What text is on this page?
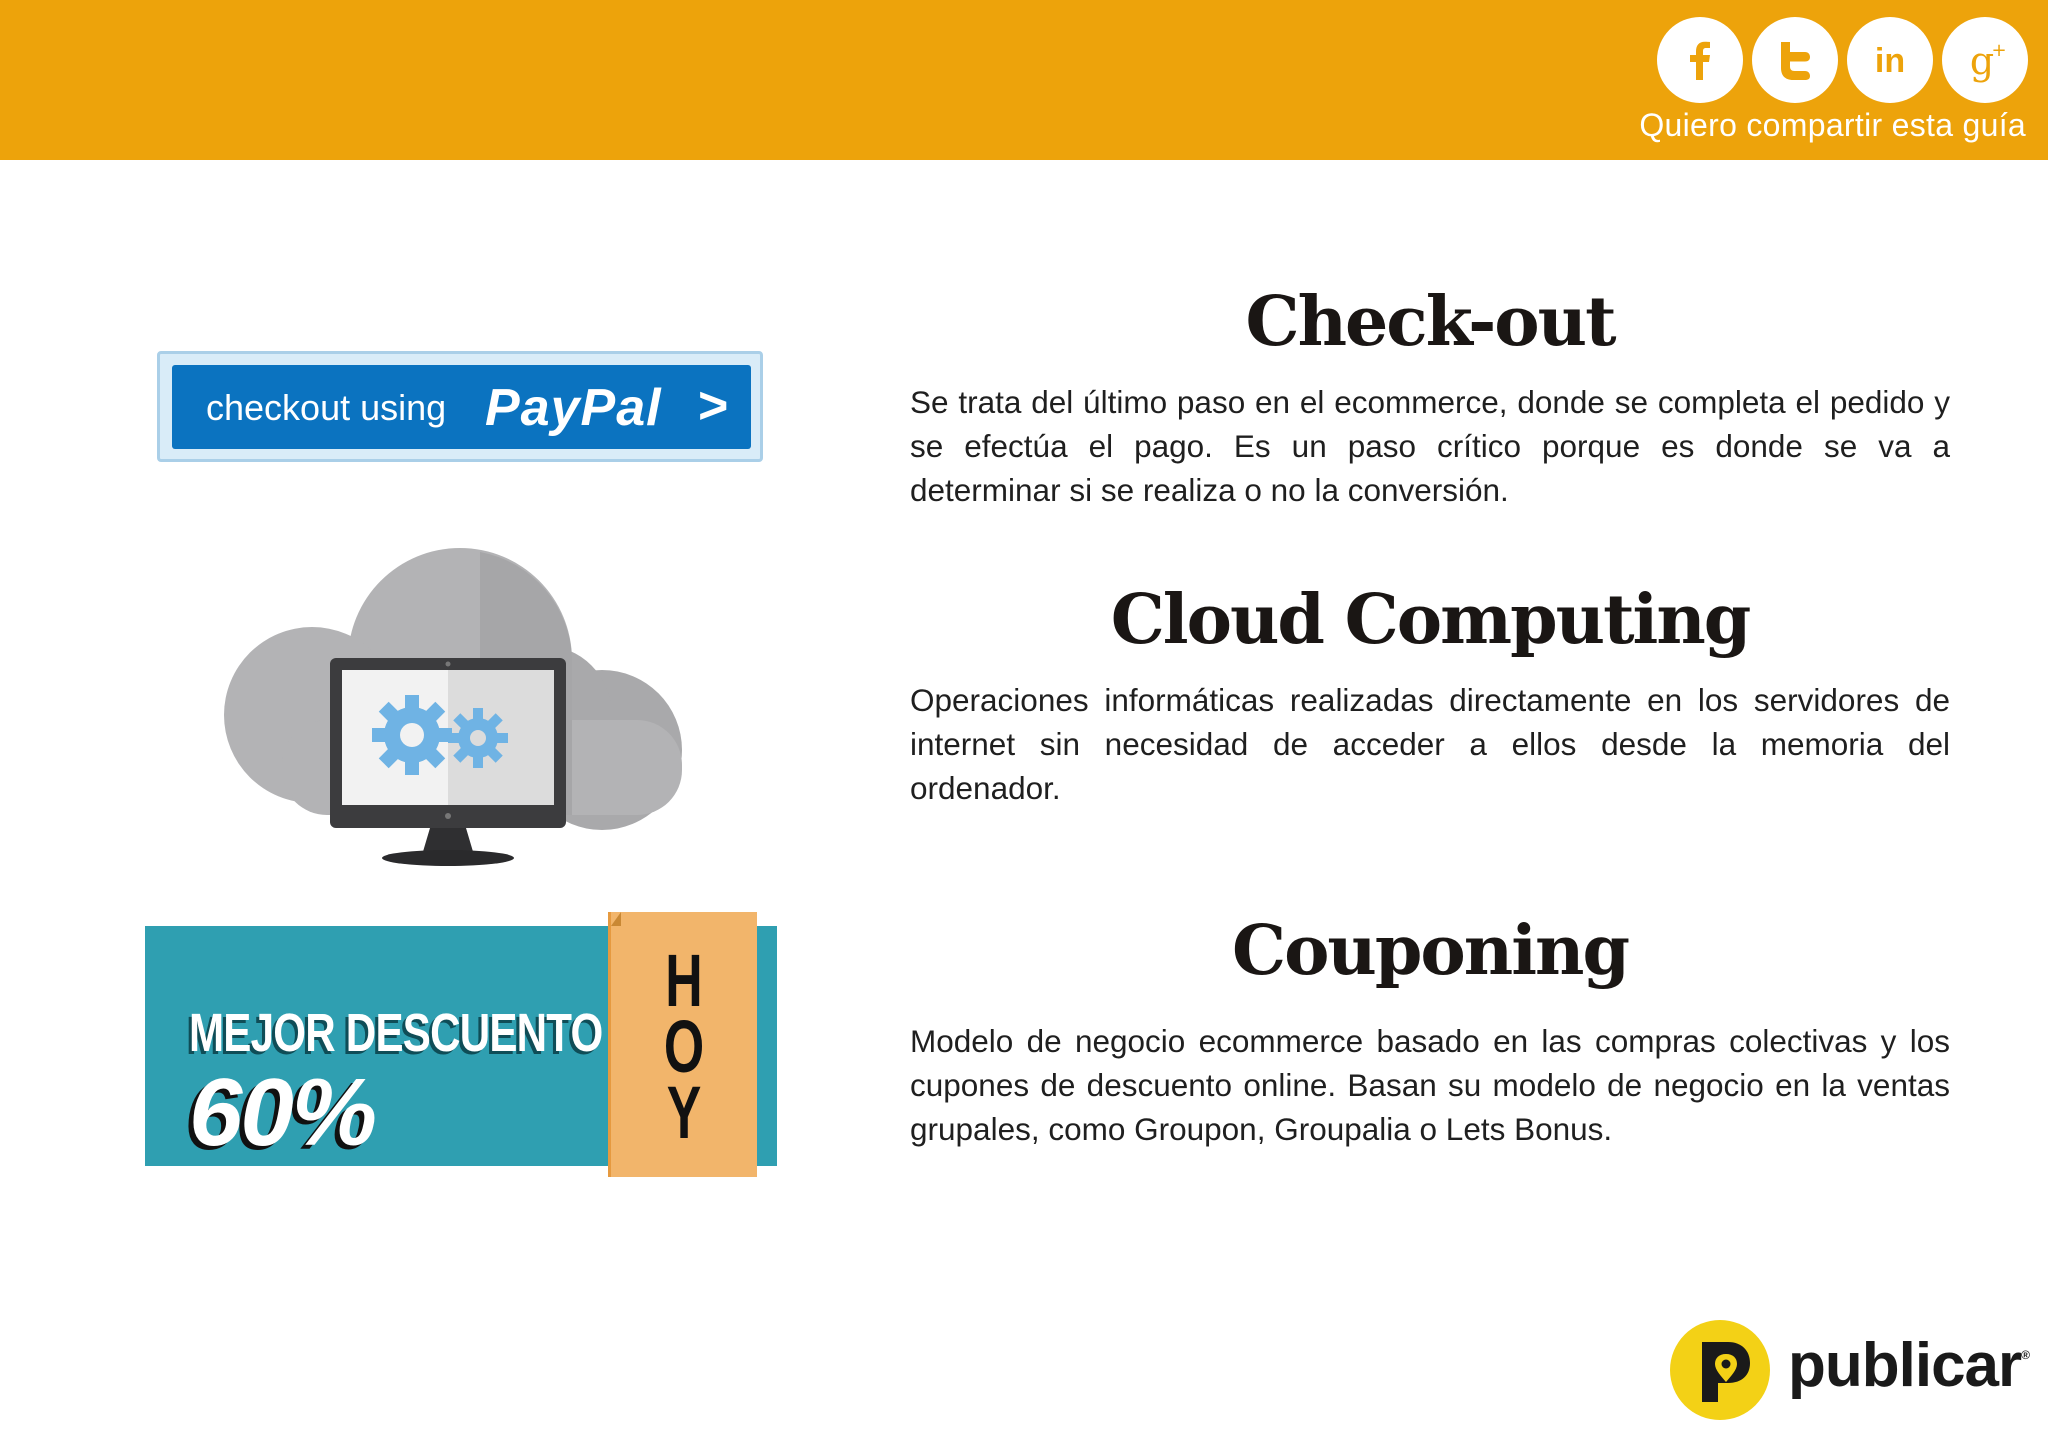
in g
+
Quiero compartir esta guía
checkout using PayPal >
MEJOR DESCUENTO
60%
H
O
Y
Check-out

Se trata del último paso en el ecommerce, donde se completa el pedido y se efectúa el pago. Es un paso crítico porque es donde se va a determinar si se realiza o no la conversión.

Cloud Computing

Operaciones informáticas realizadas directamente en los servidores de internet sin necesidad de acceder a ellos desde la memoria del ordenador.

Couponing

Modelo de negocio ecommerce basado en las compras colectivas y los cupones de descuento online. Basan su modelo de negocio en la ventas grupales, como Groupon, Groupalia o Lets Bonus.

publicar®
